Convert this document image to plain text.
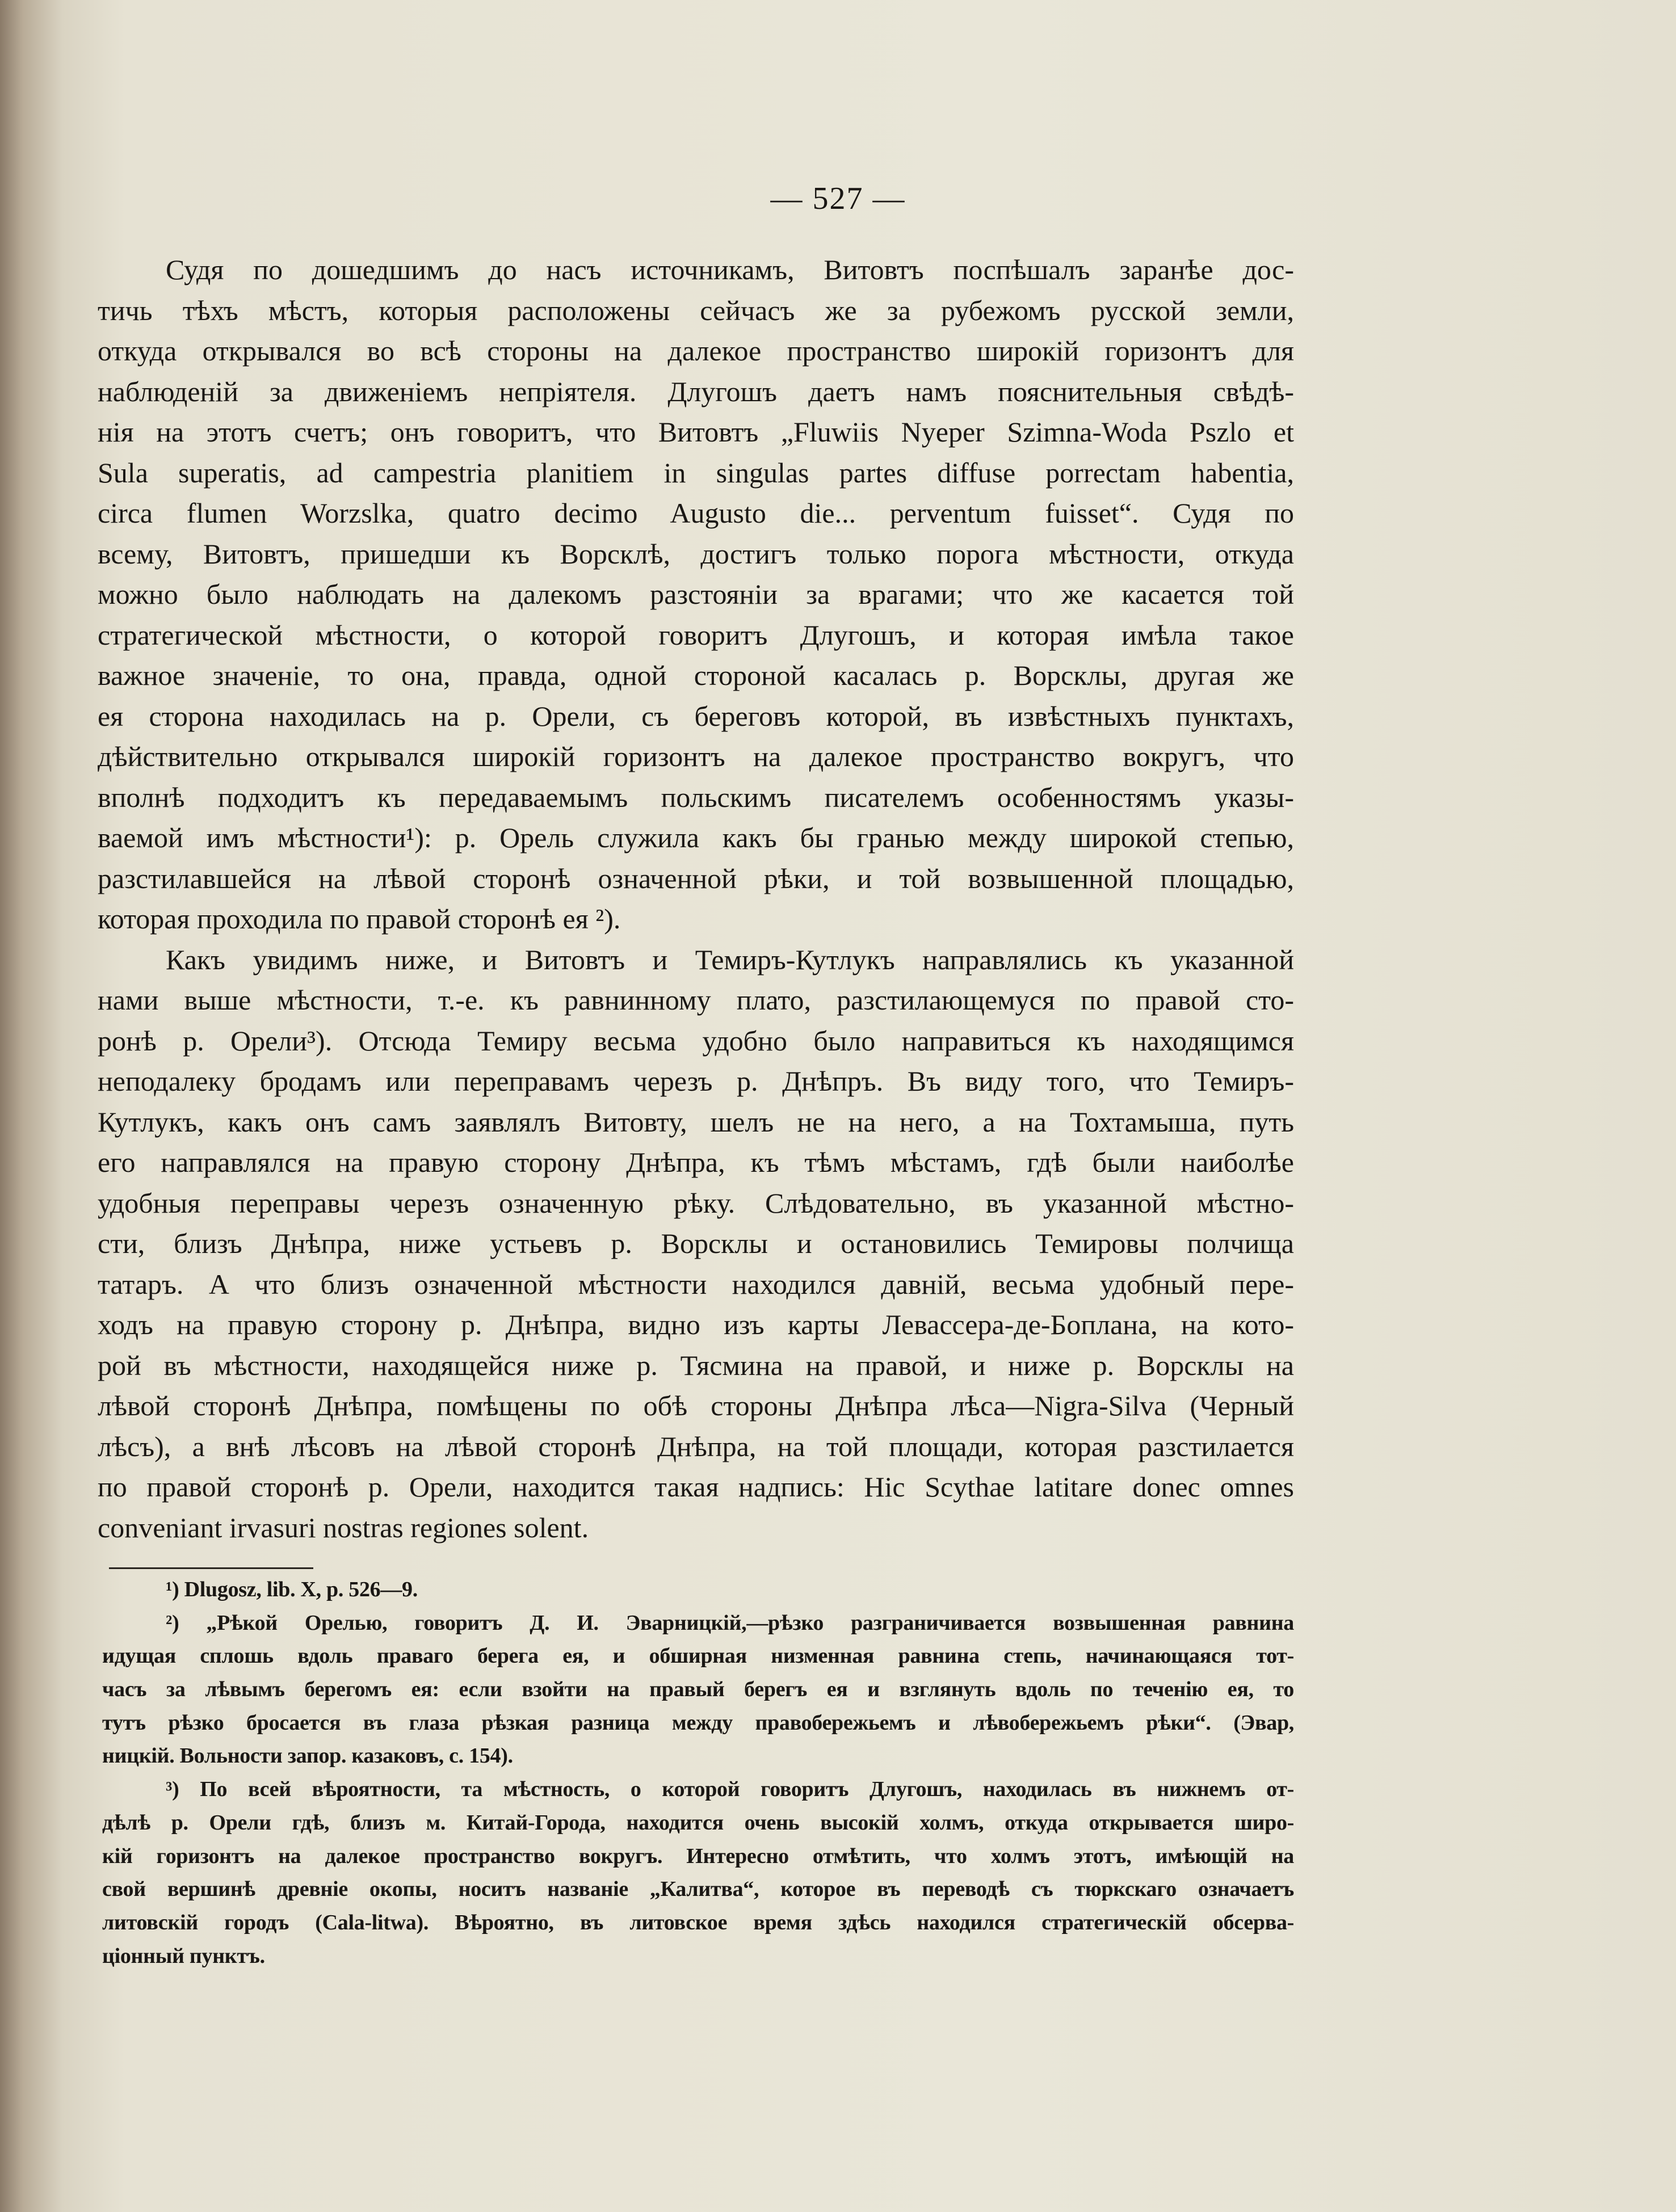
— 527 —
Судя по дошедшимъ до насъ источникамъ, Витовтъ поспѣшалъ заранѣе дос-
тичь тѣхъ мѣстъ, которыя расположены сейчасъ же за рубежомъ русской земли,
откуда открывался во всѣ стороны на далекое пространство широкій горизонтъ для
наблюденій за движеніемъ непріятеля. Длугошъ даетъ намъ пояснительныя свѣдѣ-
нія на этотъ счетъ; онъ говоритъ, что Витовтъ „Fluwiis Nyeper Szimna-Woda Pszlo et
Sula superatis, ad campestria planitiem in singulas partes diffuse porrectam habentia,
circa flumen Worzslka, quatro decimo Augusto die... perventum fuisset“. Судя по
всему, Витовтъ, пришедши къ Ворсклѣ, достигъ только порога мѣстности, откуда
можно было наблюдать на далекомъ разстояніи за врагами; что же касается той
стратегической мѣстности, о которой говоритъ Длугошъ, и которая имѣла такое
важное значеніе, то она, правда, одной стороной касалась р. Ворсклы, другая же
ея сторона находилась на р. Орели, съ береговъ которой, въ извѣстныхъ пунктахъ,
дѣйствительно открывался широкій горизонтъ на далекое пространство вокругъ, что
вполнѣ подходитъ къ передаваемымъ польскимъ писателемъ особенностямъ указы-
ваемой имъ мѣстности¹): р. Орель служила какъ бы гранью между широкой степью,
разстилавшейся на лѣвой сторонѣ означенной рѣки, и той возвышенной площадью,
которая проходила по правой сторонѣ ея ²).
Какъ увидимъ ниже, и Витовтъ и Темиръ-Кутлукъ направлялись къ указанной
нами выше мѣстности, т.-е. къ равнинному плато, разстилающемуся по правой сто-
ронѣ р. Орели³). Отсюда Темиру весьма удобно было направиться къ находящимся
неподалеку бродамъ или переправамъ черезъ р. Днѣпръ. Въ виду того, что Темиръ-
Кутлукъ, какъ онъ самъ заявлялъ Витовту, шелъ не на него, а на Тохтамыша, путь
его направлялся на правую сторону Днѣпра, къ тѣмъ мѣстамъ, гдѣ были наиболѣе
удобныя переправы черезъ означенную рѣку. Слѣдовательно, въ указанной мѣстно-
сти, близъ Днѣпра, ниже устьевъ р. Ворсклы и остановились Темировы полчища
татаръ. А что близъ означенной мѣстности находился давній, весьма удобный пере-
ходъ на правую сторону р. Днѣпра, видно изъ карты Левассера-де-Боплана, на кото-
рой въ мѣстности, находящейся ниже р. Тясмина на правой, и ниже р. Ворсклы на
лѣвой сторонѣ Днѣпра, помѣщены по обѣ стороны Днѣпра лѣса—Nigra-Silva (Черный
лѣсъ), а внѣ лѣсовъ на лѣвой сторонѣ Днѣпра, на той площади, которая разстилается
по правой сторонѣ р. Орели, находится такая надпись: Hic Scythae latitare donec omnes
conveniant irvasuri nostras regiones solent.
¹) Dlugosz, lib. X, p. 526—9.
²) „Рѣкой Орелью, говоритъ Д. И. Эварницкій,—рѣзко разграничивается возвышенная равнина
идущая сплошь вдоль праваго берега ея, и обширная низменная равнина степь, начинающаяся тот-
часъ за лѣвымъ берегомъ ея: если взойти на правый берегъ ея и взглянуть вдоль по теченію ея, то
тутъ рѣзко бросается въ глаза рѣзкая разница между правобережьемъ и лѣвобережьемъ рѣки“. (Эвар,
ницкій. Вольности запор. казаковъ, с. 154).
³) По всей вѣроятности, та мѣстность, о которой говоритъ Длугошъ, находилась въ нижнемъ от-
дѣлѣ р. Орели гдѣ, близъ м. Китай-Города, находится очень высокій холмъ, откуда открывается широ-
кій горизонтъ на далекое пространство вокругъ. Интересно отмѣтить, что холмъ этотъ, имѣющій на
свой вершинѣ древніе окопы, носитъ названіе „Калитва“, которое въ переводѣ съ тюркскаго означаетъ
литовскій городъ (Cala-litwa). Вѣроятно, въ литовское время здѣсь находился стратегическій обсерва-
ціонный пунктъ.
